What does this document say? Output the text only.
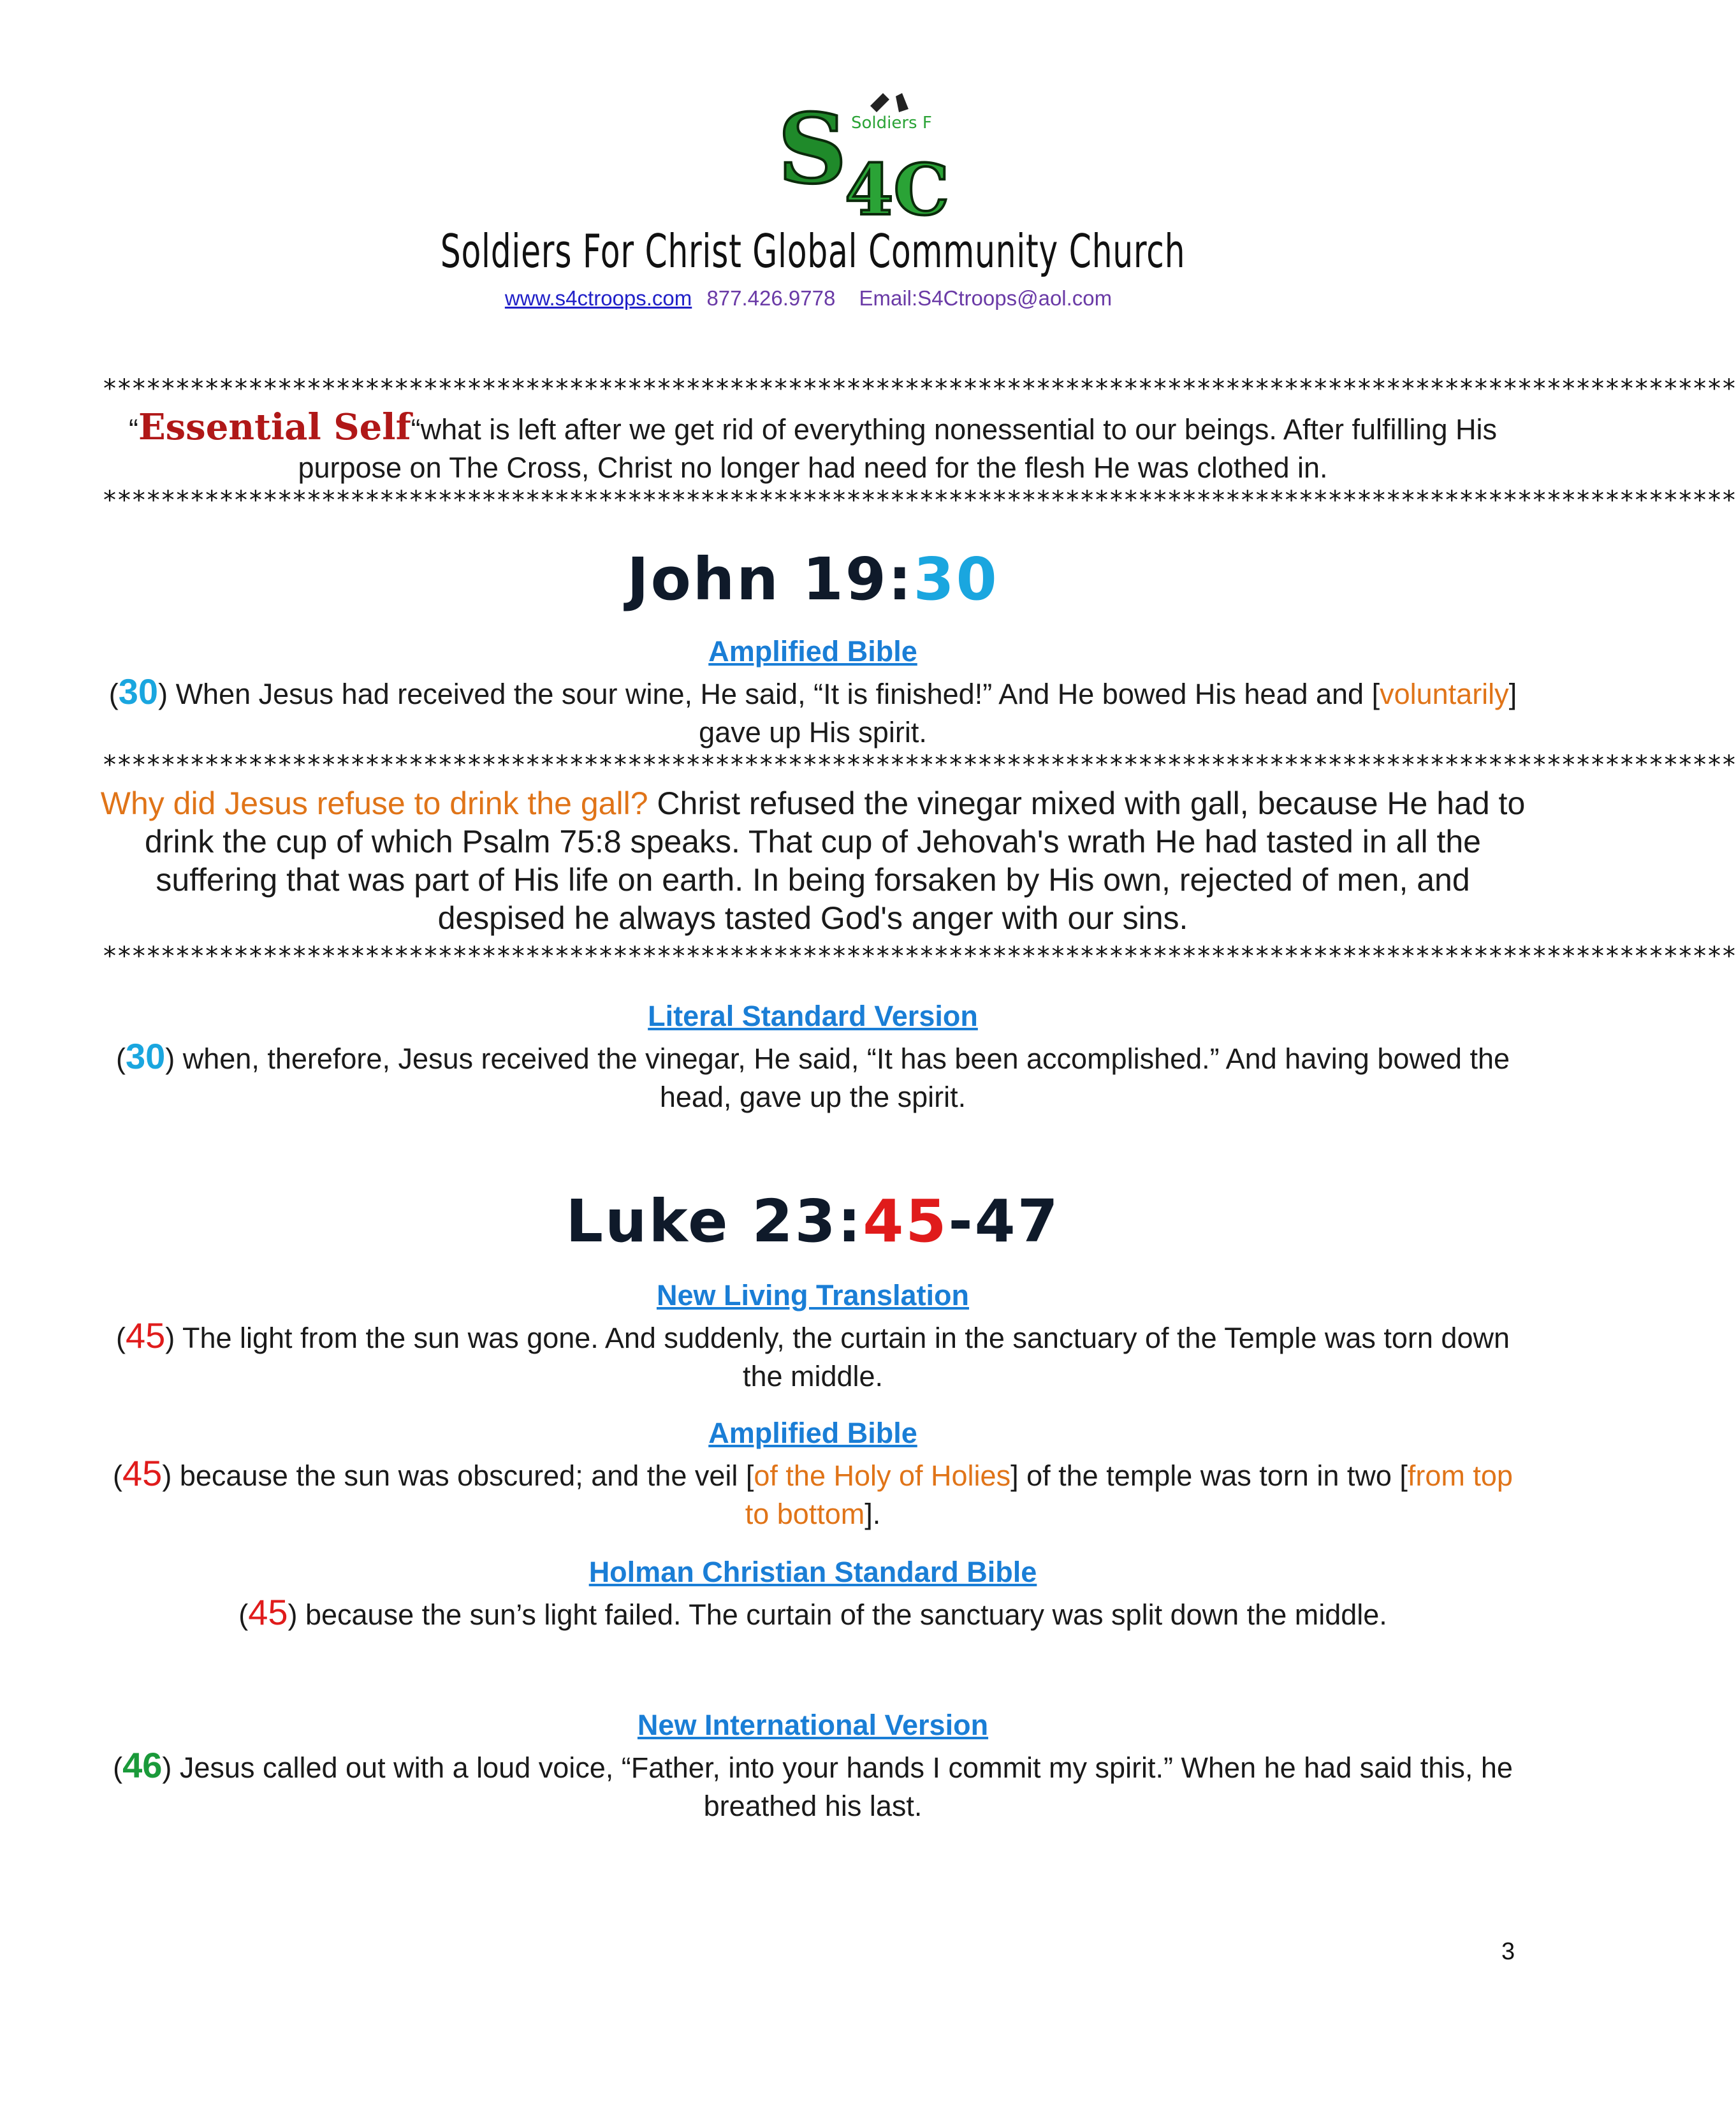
S
4C
Soldiers F
Soldiers For Christ Global Community Church
www.s4ctroops.com 877.426.9778 Email:S4Ctroops@aol.com
****************************************************************************************************************
“Essential Self“what is left after we get rid of everything nonessential to our beings. After fulfilling His
purpose on The Cross, Christ no longer had need for the flesh He was clothed in.
****************************************************************************************************************
John 19:30
Amplified Bible
(30) When Jesus had received the sour wine, He said, “It is finished!” And He bowed His head and [voluntarily]
gave up His spirit.
****************************************************************************************************************
Why did Jesus refuse to drink the gall? Christ refused the vinegar mixed with gall, because He had to
drink the cup of which Psalm 75:8 speaks. That cup of Jehovah's wrath He had tasted in all the
suffering that was part of His life on earth. In being forsaken by His own, rejected of men, and
despised he always tasted God's anger with our sins.
****************************************************************************************************************
Literal Standard Version
(30) when, therefore, Jesus received the vinegar, He said, “It has been accomplished.” And having bowed the
head, gave up the spirit.
Luke 23:45-47
New Living Translation
(45) The light from the sun was gone. And suddenly, the curtain in the sanctuary of the Temple was torn down
the middle.
Amplified Bible
(45) because the sun was obscured; and the veil [of the Holy of Holies] of the temple was torn in two [from top
to bottom].
Holman Christian Standard Bible
(45) because the sun’s light failed. The curtain of the sanctuary was split down the middle.
New International Version
(46) Jesus called out with a loud voice, “Father, into your hands I commit my spirit.” When he had said this, he
breathed his last.
3
